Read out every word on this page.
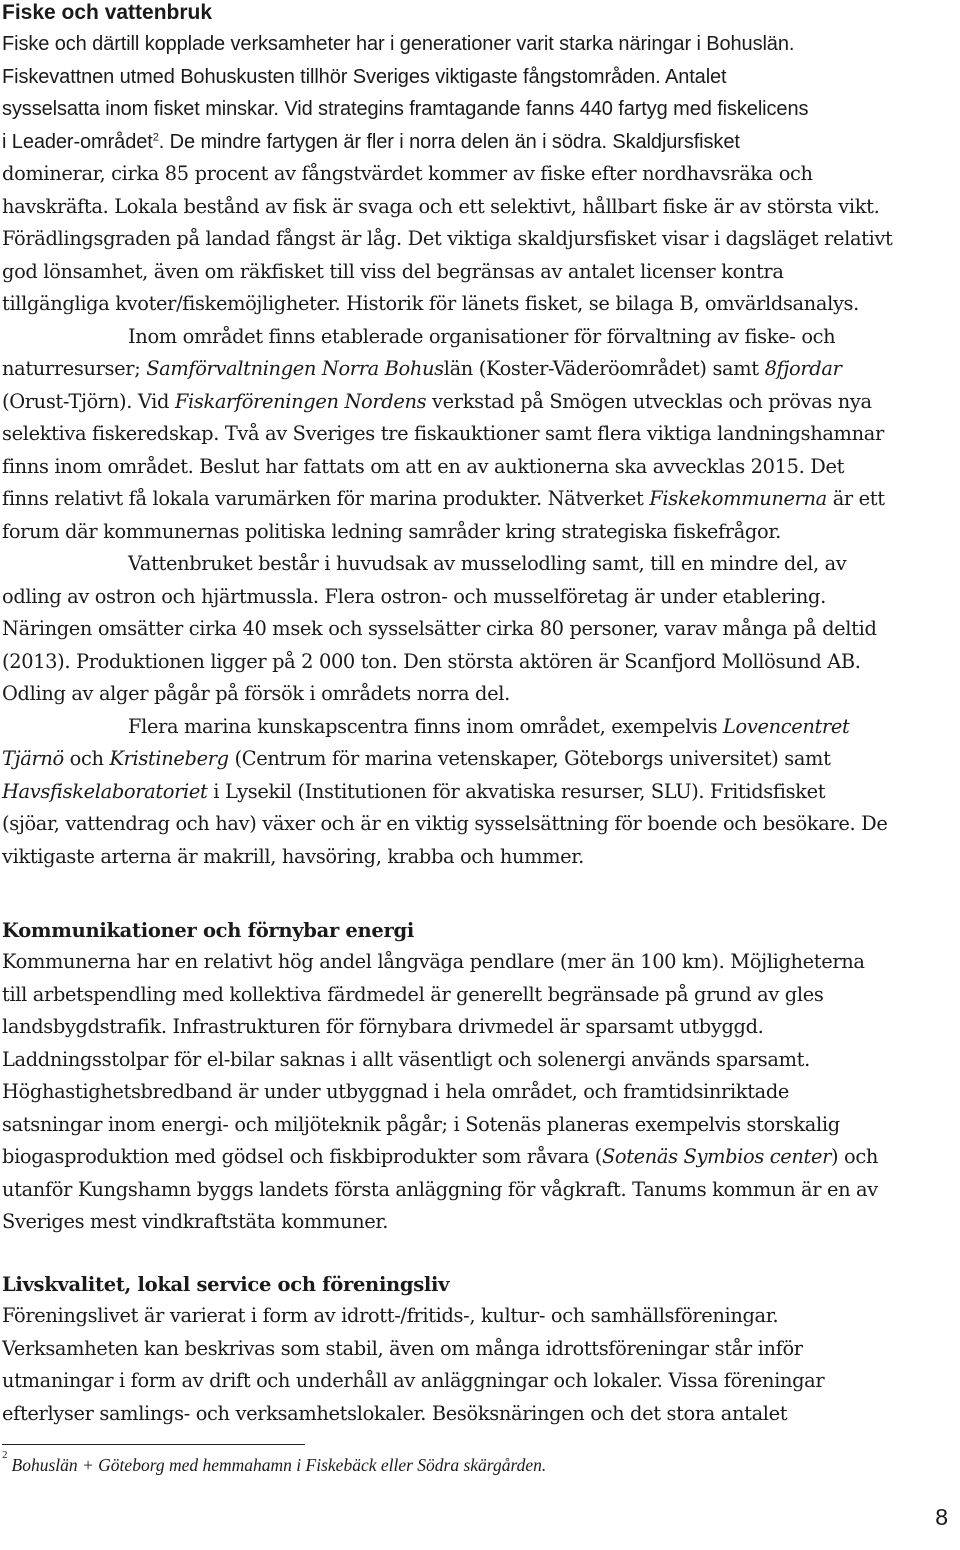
Fiske och vattenbruk
Fiske och därtill kopplade verksamheter har i generationer varit starka näringar i Bohuslän.
Fiskevattnen utmed Bohuskusten tillhör Sveriges viktigaste fångstområden. Antalet
sysselsatta inom fisket minskar. Vid strategins framtagande fanns 440 fartyg med fiskelicens
i Leader-området$^2$. De mindre fartygen är fler i norra delen än i södra. Skaldjursfisket
dominerar, cirka 85 procent av fångstvärdet kommer av fiske efter nordhavsräka och
havskräfta. Lokala bestånd av fisk är svaga och ett selektivt, hållbart fiske är av största vikt.
Förädlingsgraden på landad fångst är låg. Det viktiga skaldjursfisket visar i dagsläget relativt
god lönsamhet, även om räkfisket till viss del begränsas av antalet licenser kontra
tillgängliga kvoter/fiskemöjligheter. Historik för länets fisket, se bilaga B, omvärldsanalys.
Inom området finns etablerade organisationer för förvaltning av fiske- och
naturresurser; Samförvaltningen Norra Bohuslän (Koster-Väderöområdet) samt 8fjordar
(Orust-Tjörn). Vid Fiskarföreningen Nordens verkstad på Smögen utvecklas och prövas nya
selektiva fiskeredskap. Två av Sveriges tre fiskauktioner samt flera viktiga landningshamnar
finns inom området. Beslut har fattats om att en av auktionerna ska avvecklas 2015. Det
finns relativt få lokala varumärken för marina produkter. Nätverket Fiskekommunerna är ett
forum där kommunernas politiska ledning samråder kring strategiska fiskefrågor.
Vattenbruket består i huvudsak av musselodling samt, till en mindre del, av
odling av ostron och hjärtmussla. Flera ostron- och musselföretag är under etablering.
Näringen omsätter cirka 40 msek och sysselsätter cirka 80 personer, varav många på deltid
(2013). Produktionen ligger på 2 000 ton. Den största aktören är Scanfjord Mollösund AB.
Odling av alger pågår på försök i områdets norra del.
Flera marina kunskapscentra finns inom området, exempelvis Lovencentret
Tjärnö och Kristineberg (Centrum för marina vetenskaper, Göteborgs universitet) samt
Havsfiskelaboratoriet i Lysekil (Institutionen för akvatiska resurser, SLU). Fritidsfisket
(sjöar, vattendrag och hav) växer och är en viktig sysselsättning för boende och besökare. De
viktigaste arterna är makrill, havsöring, krabba och hummer.
Kommunikationer och förnybar energi
Kommunerna har en relativt hög andel långväga pendlare (mer än 100 km). Möjligheterna
till arbetspendling med kollektiva färdmedel är generellt begränsade på grund av gles
landsbygdstrafik. Infrastrukturen för förnybara drivmedel är sparsamt utbyggd.
Laddningsstolpar för el-bilar saknas i allt väsentligt och solenergi används sparsamt.
Höghastighetsbredband är under utbyggnad i hela området, och framtidsinriktade
satsningar inom energi- och miljöteknik pågår; i Sotenäs planeras exempelvis storskalig
biogasproduktion med gödsel och fiskbiprodukter som råvara (Sotenäs Symbios center) och
utanför Kungshamn byggs landets första anläggning för vågkraft. Tanums kommun är en av
Sveriges mest vindkraftstäta kommuner.
Livskvalitet, lokal service och föreningsliv
Föreningslivet är varierat i form av idrott-/fritids-, kultur- och samhällsföreningar.
Verksamheten kan beskrivas som stabil, även om många idrottsföreningar står inför
utmaningar i form av drift och underhåll av anläggningar och lokaler. Vissa föreningar
efterlyser samlings- och verksamhetslokaler. Besöksnäringen och det stora antalet
$^2$ Bohuslän + Göteborg med hemmahamn i Fiskebäck eller Södra skärgården.
8
